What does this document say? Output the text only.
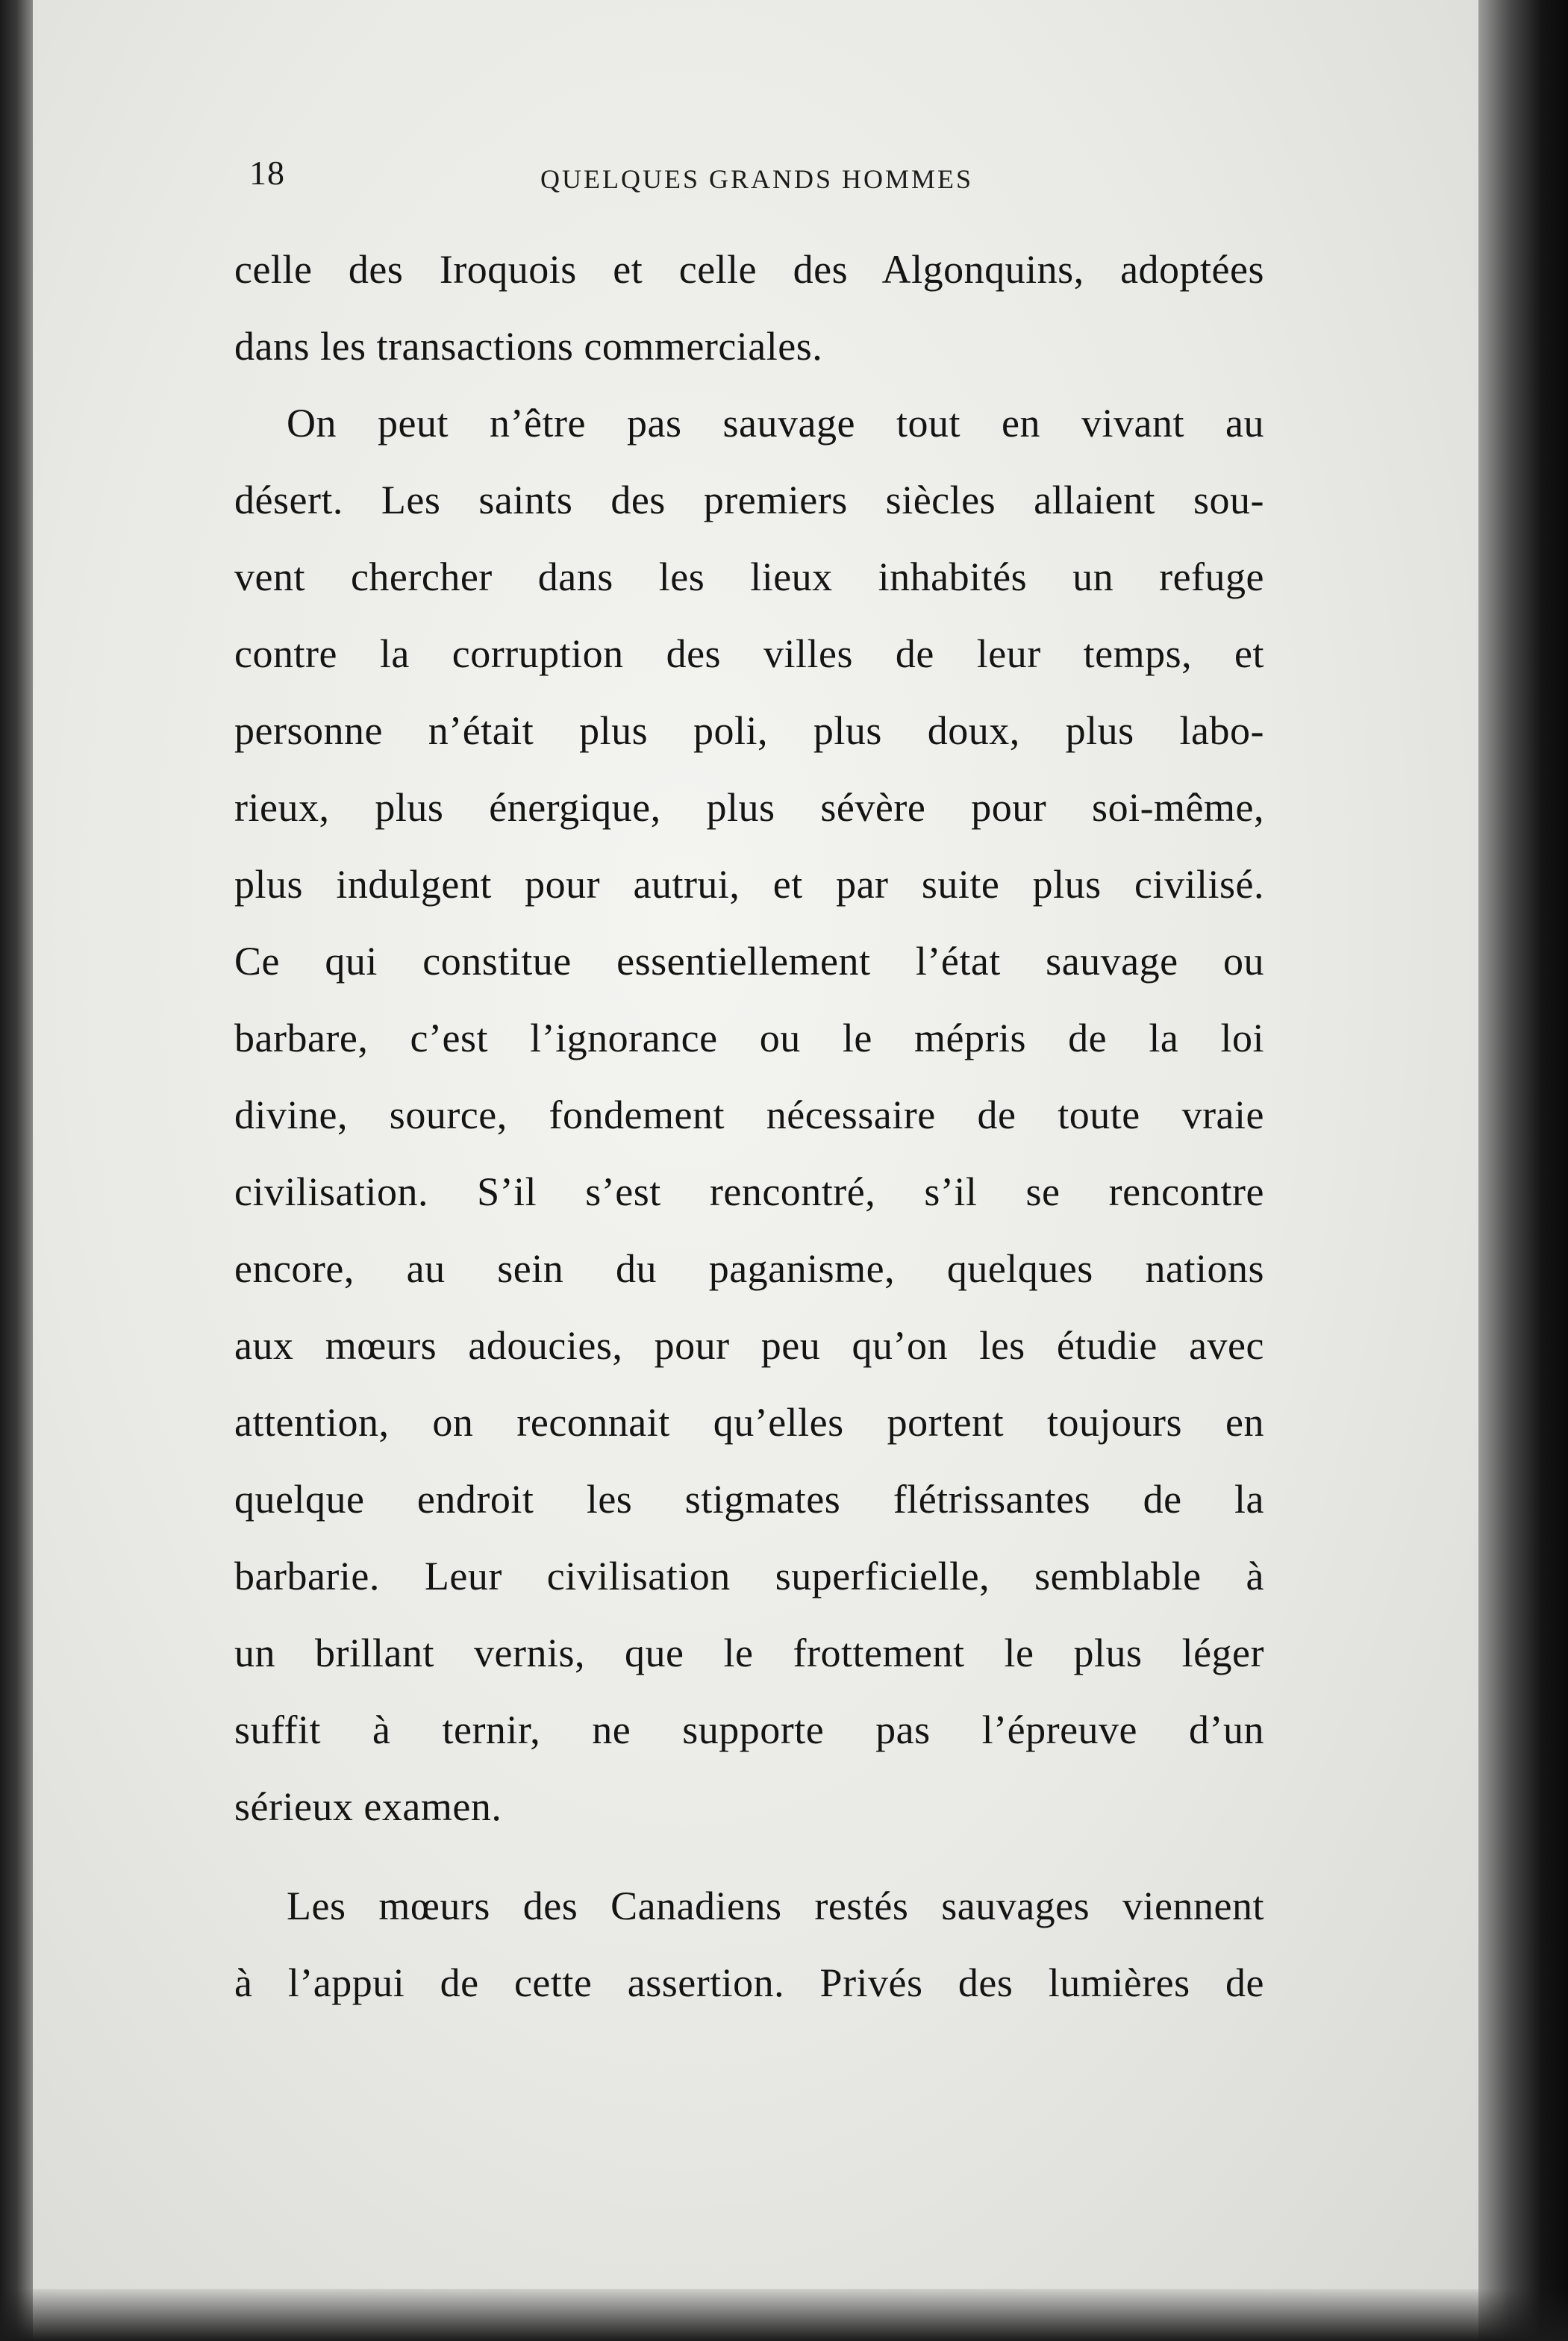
18	QUELQUES GRANDS HOMMES
celle des Iroquois et celle des Algonquins, adoptées
dans les transactions commerciales.
On peut n’être pas sauvage tout en vivant au
désert. Les saints des premiers siècles allaient sou-
vent chercher dans les lieux inhabités un refuge
contre la corruption des villes de leur temps, et
personne n’était plus poli, plus doux, plus labo-
rieux, plus énergique, plus sévère pour soi-même,
plus indulgent pour autrui, et par suite plus civilisé.
Ce qui constitue essentiellement l’état sauvage ou
barbare, c’est l’ignorance ou le mépris de la loi
divine, source, fondement nécessaire de toute vraie
civilisation. S’il s’est rencontré, s’il se rencontre
encore, au sein du paganisme, quelques nations
aux mœurs adoucies, pour peu qu’on les étudie avec
attention, on reconnait qu’elles portent toujours en
quelque endroit les stigmates flétrissantes de la
barbarie. Leur civilisation superficielle, semblable à
un brillant vernis, que le frottement le plus léger
suffit à ternir, ne supporte pas l’épreuve d’un
sérieux examen.
Les mœurs des Canadiens restés sauvages viennent
à l’appui de cette assertion. Privés des lumières de
